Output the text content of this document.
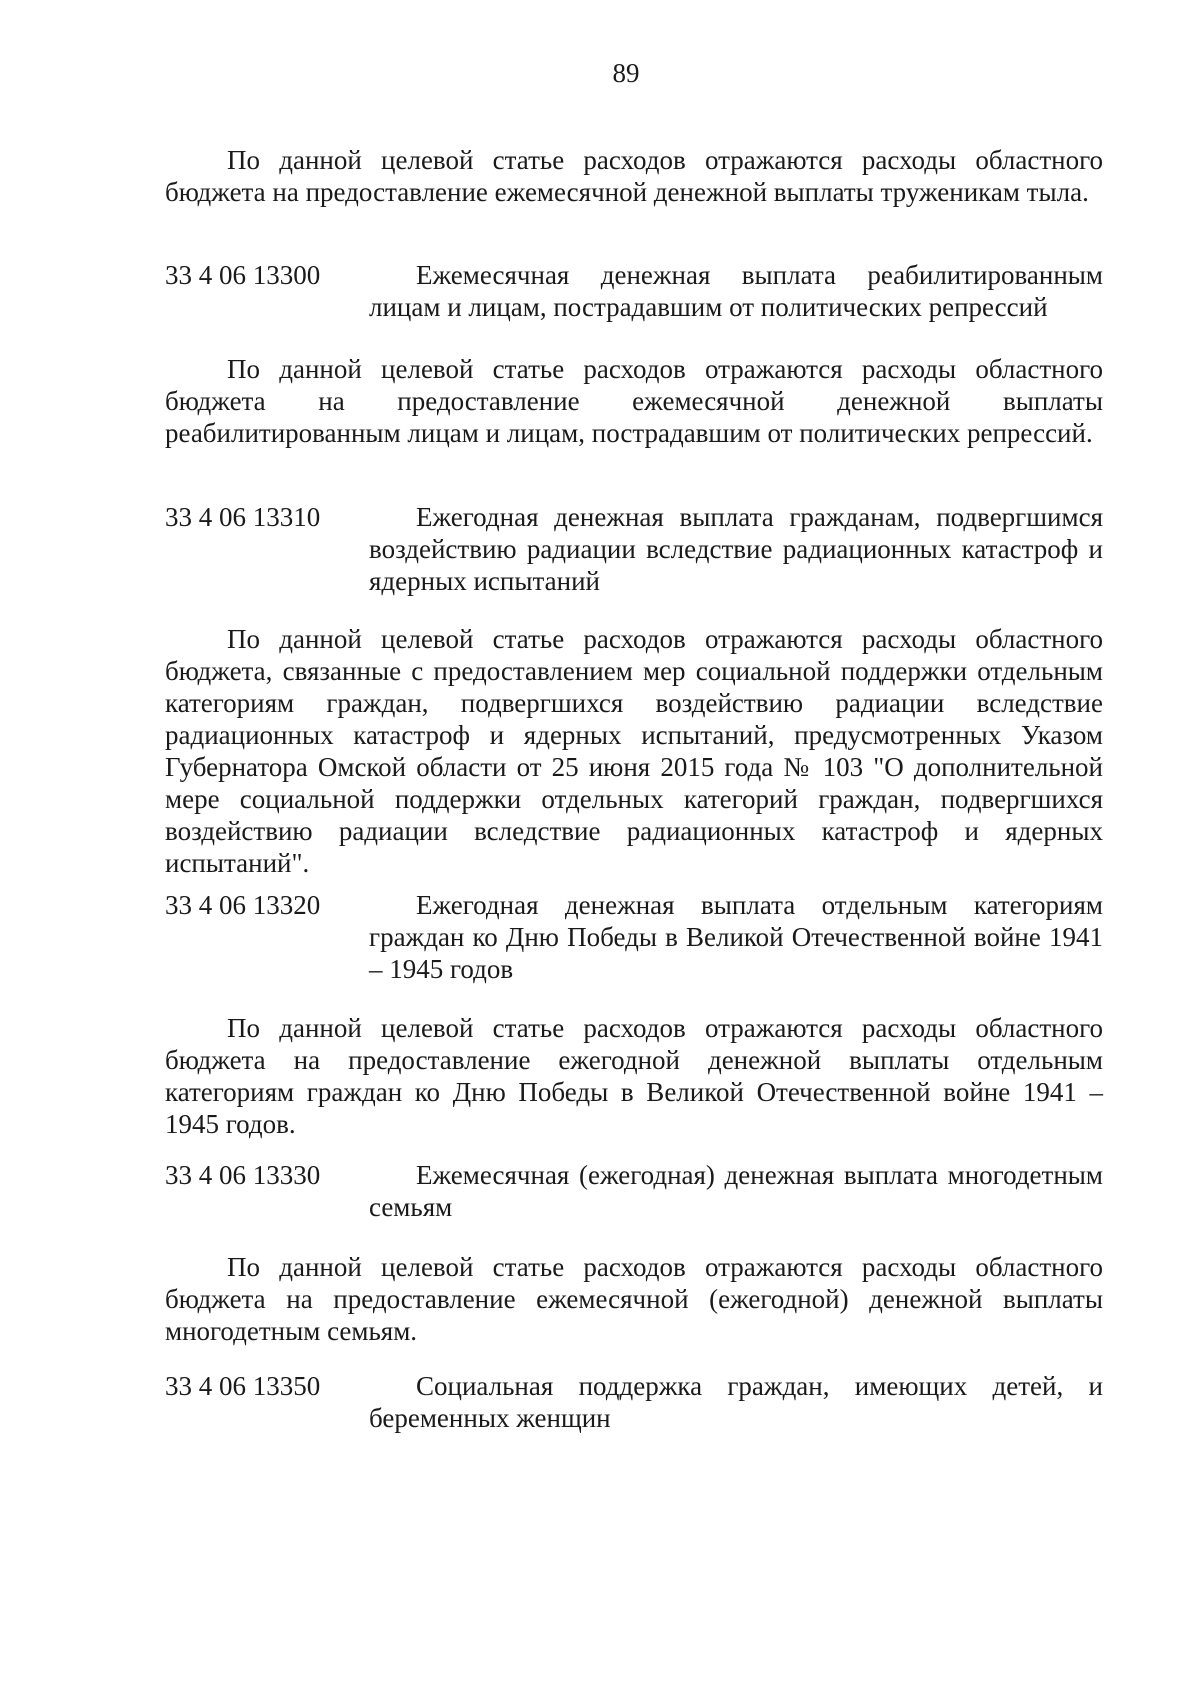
89
По данной целевой статье расходов отражаются расходы областного бюджета на предоставление ежемесячной денежной выплаты труженикам тыла.
33 4 06 13300	Ежемесячная денежная выплата реабилитированным лицам и лицам, пострадавшим от политических репрессий
По данной целевой статье расходов отражаются расходы областного бюджета на предоставление ежемесячной денежной выплаты реабилитированным лицам и лицам, пострадавшим от политических репрессий.
33 4 06 13310	Ежегодная денежная выплата гражданам, подвергшимся воздействию радиации вследствие радиационных катастроф и ядерных испытаний
По данной целевой статье расходов отражаются расходы областного бюджета, связанные с предоставлением мер социальной поддержки отдельным категориям граждан, подвергшихся воздействию радиации вследствие радиационных катастроф и ядерных испытаний, предусмотренных Указом Губернатора Омской области от 25 июня 2015 года № 103 "О дополнительной мере социальной поддержки отдельных категорий граждан, подвергшихся воздействию радиации вследствие радиационных катастроф и ядерных испытаний".
33 4 06 13320	Ежегодная денежная выплата отдельным категориям граждан ко Дню Победы в Великой Отечественной войне 1941 – 1945 годов
По данной целевой статье расходов отражаются расходы областного бюджета на предоставление ежегодной денежной выплаты отдельным категориям граждан ко Дню Победы в Великой Отечественной войне 1941 – 1945 годов.
33 4 06 13330	Ежемесячная (ежегодная) денежная выплата многодетным семьям
По данной целевой статье расходов отражаются расходы областного бюджета на предоставление ежемесячной (ежегодной) денежной выплаты многодетным семьям.
33 4 06 13350	Социальная поддержка граждан, имеющих детей, и беременных женщин
